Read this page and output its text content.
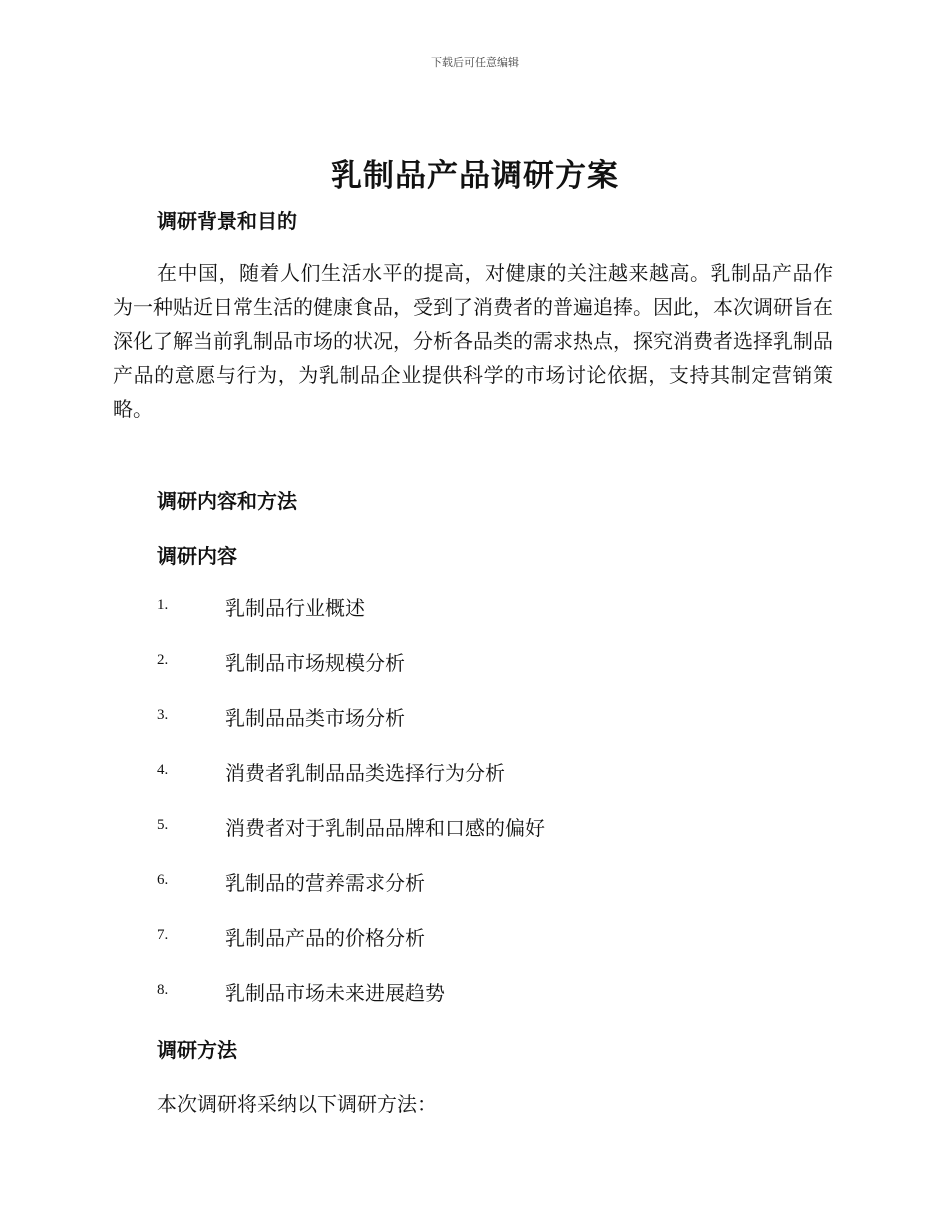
下载后可任意编辑
乳制品产品调研方案
调研背景和目的

在中国，随着人们生活水平的提高，对健康的关注越来越高。乳制品产品作为一种贴近日常生活的健康食品，受到了消费者的普遍追捧。因此，本次调研旨在深化了解当前乳制品市场的状况，分析各品类的需求热点，探究消费者选择乳制品产品的意愿与行为，为乳制品企业提供科学的市场讨论依据，支持其制定营销策略。

调研内容和方法
调研内容
1.	乳制品行业概述
2.	乳制品市场规模分析
3.	乳制品品类市场分析
4.	消费者乳制品品类选择行为分析
5.	消费者对于乳制品品牌和口感的偏好
6.	乳制品的营养需求分析
7.	乳制品产品的价格分析
8.	乳制品市场未来进展趋势
调研方法

本次调研将采纳以下调研方法：
